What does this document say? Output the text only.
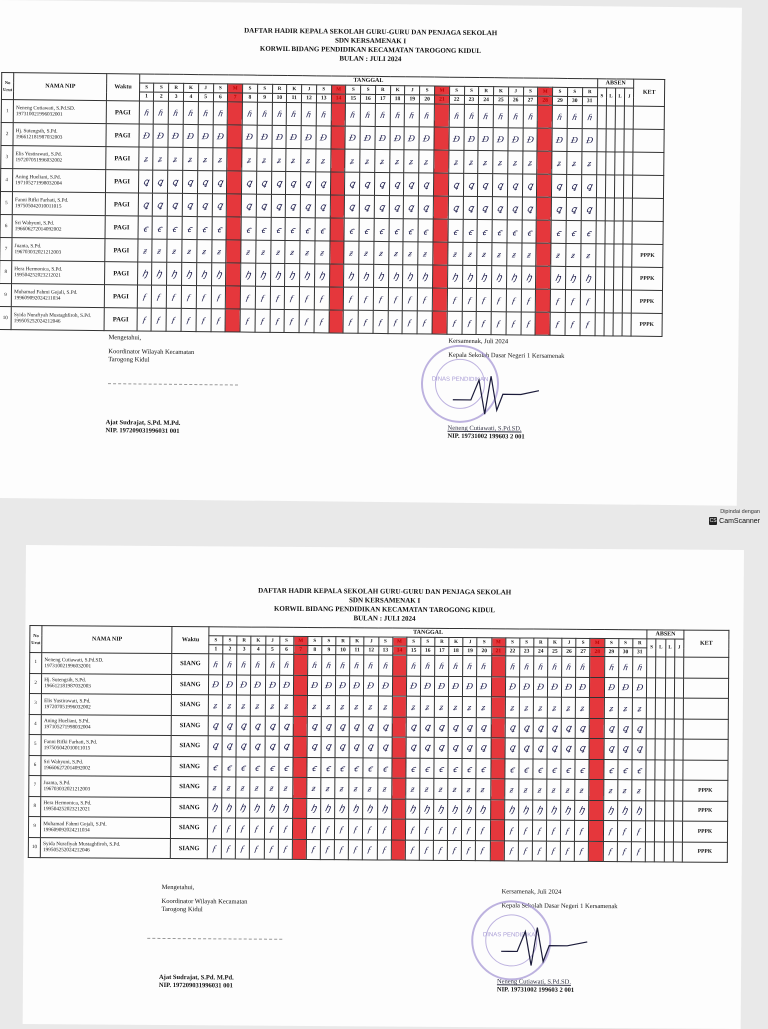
DAFTAR HADIR KEPALA SEKOLAH GURU-GURU DAN PENJAGA SEKOLAH
SDN KERSAMENAK I
KORWIL BIDANG PENDIDIKAN KECAMATAN TAROGONG KIDUL
BULAN : JULI 2024
No Urut	NAMA NIP	Waktu	TANGGAL																															ABSEN				KET
			S	S	R	K	J	S	M	S	S	R	K	J	S	M	S	S	R	K	J	S	M	S	S	R	K	J	S	M	S	S	R	S	L	L	J	
			1	2	3	4	5	6	7	8	9	10	11	12	13	14	15	16	17	18	19	20	21	22	23	24	25	26	27	28	29	30	31					
1	Neneng Cutiawati, S.Pd.SD.
197310021996032001	PAGI	ɦ	ɦ	ɦ	ɦ	ɦ	ɦ		ɦ	ɦ	ɦ	ɦ	ɦ	ɦ		ɦ	ɦ	ɦ	ɦ	ɦ	ɦ		ɦ	ɦ	ɦ	ɦ	ɦ	ɦ		ɦ	ɦ	ɦ					

2	Hj. Sutengsih, S.Pd.
196612181987032003	PAGI	Ð	Ð	Ð	Ð	Ð	Ð		Ð	Ð	Ð	Ð	Ð	Ð		Ð	Ð	Ð	Ð	Ð	Ð		Ð	Ð	Ð	Ð	Ð	Ð		Ð	Ð	Ð					

3	Elis Yustirawati, S.Pd.
197207051996032002	PAGI	ʑ	ʑ	ʑ	ʑ	ʑ	ʑ		ʑ	ʑ	ʑ	ʑ	ʑ	ʑ		ʑ	ʑ	ʑ	ʑ	ʑ	ʑ		ʑ	ʑ	ʑ	ʑ	ʑ	ʑ		ʑ	ʑ	ʑ					

4	Aning Hueliani, S.Pd.
197105271998032004	PAGI	ꝗ	ꝗ	ꝗ	ꝗ	ꝗ	ꝗ		ꝗ	ꝗ	ꝗ	ꝗ	ꝗ	ꝗ		ꝗ	ꝗ	ꝗ	ꝗ	ꝗ	ꝗ		ꝗ	ꝗ	ꝗ	ꝗ	ꝗ	ꝗ		ꝗ	ꝗ	ꝗ					

5	Fanni Rifki Farhati, S.Pd.
197505042010011015	PAGI	ꝗ	ꝗ	ꝗ	ꝗ	ꝗ	ꝗ		ꝗ	ꝗ	ꝗ	ꝗ	ꝗ	ꝗ		ꝗ	ꝗ	ꝗ	ꝗ	ꝗ	ꝗ		ꝗ	ꝗ	ꝗ	ꝗ	ꝗ	ꝗ		ꝗ	ꝗ	ꝗ					

6	Sri Wahyuni, S.Pd.
196606272014092002	PAGI	ꞓ	ꞓ	ꞓ	ꞓ	ꞓ	ꞓ		ꞓ	ꞓ	ꞓ	ꞓ	ꞓ	ꞓ		ꞓ	ꞓ	ꞓ	ꞓ	ꞓ	ꞓ		ꞓ	ꞓ	ꞓ	ꞓ	ꞓ	ꞓ		ꞓ	ꞓ	ꞓ					

7	Juanta, S.Pd.
196703032021212003	PAGI	ƶ	ƶ	ƶ	ƶ	ƶ	ƶ		ƶ	ƶ	ƶ	ƶ	ƶ	ƶ		ƶ	ƶ	ƶ	ƶ	ƶ	ƶ		ƶ	ƶ	ƶ	ƶ	ƶ	ƶ		ƶ	ƶ	ƶ					PPPK
8	Hera Hermonica, S.Pd.
199504252023212021	PAGI	ꜧ	ꜧ	ꜧ	ꜧ	ꜧ	ꜧ		ꜧ	ꜧ	ꜧ	ꜧ	ꜧ	ꜧ		ꜧ	ꜧ	ꜧ	ꜧ	ꜧ	ꜧ		ꜧ	ꜧ	ꜧ	ꜧ	ꜧ	ꜧ		ꜧ	ꜧ	ꜧ					PPPK
9	Muhamad Fahmi Gojali, S.Pd.
199609092024211034	PAGI	ƒ	ƒ	ƒ	ƒ	ƒ	ƒ		ƒ	ƒ	ƒ	ƒ	ƒ	ƒ		ƒ	ƒ	ƒ	ƒ	ƒ	ƒ		ƒ	ƒ	ƒ	ƒ	ƒ	ƒ		ƒ	ƒ	ƒ					PPPK
10	Syida Nurafiyah Mustaghfiroh, S.Pd.
199505252024212046	PAGI	ƒ	ƒ	ƒ	ƒ	ƒ	ƒ		ƒ	ƒ	ƒ	ƒ	ƒ	ƒ		ƒ	ƒ	ƒ	ƒ	ƒ	ƒ		ƒ	ƒ	ƒ	ƒ	ƒ	ƒ		ƒ	ƒ	ƒ					PPPK
Mengetahui,
Koordinator Wilayah Kecamatan
Tarogong Kidul
Ajat Sudrajat, S.Pd. M.Pd.
NIP. 197209031996031 001
Kersamenak, Juli 2024
Kepala Sekolah Dasar Negeri 1 Kersamenak
DINAS PENDIDIKAN
Neneng Cutiawati, S.Pd.SD.
NIP. 19731002 199603 2 001
Dipindai dengan
CS CamScanner
DAFTAR HADIR KEPALA SEKOLAH GURU-GURU DAN PENJAGA SEKOLAH
SDN KERSAMENAK I
KORWIL BIDANG PENDIDIKAN KECAMATAN TAROGONG KIDUL
BULAN : JULI 2024
No Urut	NAMA NIP	Waktu	TANGGAL																															ABSEN				KET
			S	S	R	K	J	S	M	S	S	R	K	J	S	M	S	S	R	K	J	S	M	S	S	R	K	J	S	M	S	S	R	S	L	L	J	
			1	2	3	4	5	6	7	8	9	10	11	12	13	14	15	16	17	18	19	20	21	22	23	24	25	26	27	28	29	30	31					
1	Neneng Cutiawati, S.Pd.SD.
197310021996032001	SIANG	ɦ	ɦ	ɦ	ɦ	ɦ	ɦ		ɦ	ɦ	ɦ	ɦ	ɦ	ɦ		ɦ	ɦ	ɦ	ɦ	ɦ	ɦ		ɦ	ɦ	ɦ	ɦ	ɦ	ɦ		ɦ	ɦ	ɦ					

2	Hj. Sutengsih, S.Pd.
196612181987032003	SIANG	Ð	Ð	Ð	Ð	Ð	Ð		Ð	Ð	Ð	Ð	Ð	Ð		Ð	Ð	Ð	Ð	Ð	Ð		Ð	Ð	Ð	Ð	Ð	Ð		Ð	Ð	Ð					

3	Elis Yustirawati, S.Pd.
197207051996032002	SIANG	ʑ	ʑ	ʑ	ʑ	ʑ	ʑ		ʑ	ʑ	ʑ	ʑ	ʑ	ʑ		ʑ	ʑ	ʑ	ʑ	ʑ	ʑ		ʑ	ʑ	ʑ	ʑ	ʑ	ʑ		ʑ	ʑ	ʑ					

4	Aning Hueliani, S.Pd.
197105271998032004	SIANG	ꝗ	ꝗ	ꝗ	ꝗ	ꝗ	ꝗ		ꝗ	ꝗ	ꝗ	ꝗ	ꝗ	ꝗ		ꝗ	ꝗ	ꝗ	ꝗ	ꝗ	ꝗ		ꝗ	ꝗ	ꝗ	ꝗ	ꝗ	ꝗ		ꝗ	ꝗ	ꝗ					

5	Fanni Rifki Farhati, S.Pd.
197505042010011015	SIANG	ꝗ	ꝗ	ꝗ	ꝗ	ꝗ	ꝗ		ꝗ	ꝗ	ꝗ	ꝗ	ꝗ	ꝗ		ꝗ	ꝗ	ꝗ	ꝗ	ꝗ	ꝗ		ꝗ	ꝗ	ꝗ	ꝗ	ꝗ	ꝗ		ꝗ	ꝗ	ꝗ					

6	Sri Wahyuni, S.Pd.
196606272014092002	SIANG	ꞓ	ꞓ	ꞓ	ꞓ	ꞓ	ꞓ		ꞓ	ꞓ	ꞓ	ꞓ	ꞓ	ꞓ		ꞓ	ꞓ	ꞓ	ꞓ	ꞓ	ꞓ		ꞓ	ꞓ	ꞓ	ꞓ	ꞓ	ꞓ		ꞓ	ꞓ	ꞓ					

7	Juanta, S.Pd.
196703032021212003	SIANG	ƶ	ƶ	ƶ	ƶ	ƶ	ƶ		ƶ	ƶ	ƶ	ƶ	ƶ	ƶ		ƶ	ƶ	ƶ	ƶ	ƶ	ƶ		ƶ	ƶ	ƶ	ƶ	ƶ	ƶ		ƶ	ƶ	ƶ					PPPK
8	Hera Hermonica, S.Pd.
199504252023212021	SIANG	ꜧ	ꜧ	ꜧ	ꜧ	ꜧ	ꜧ		ꜧ	ꜧ	ꜧ	ꜧ	ꜧ	ꜧ		ꜧ	ꜧ	ꜧ	ꜧ	ꜧ	ꜧ		ꜧ	ꜧ	ꜧ	ꜧ	ꜧ	ꜧ		ꜧ	ꜧ	ꜧ					PPPK
9	Muhamad Fahmi Gojali, S.Pd.
199609092024211034	SIANG	ƒ	ƒ	ƒ	ƒ	ƒ	ƒ		ƒ	ƒ	ƒ	ƒ	ƒ	ƒ		ƒ	ƒ	ƒ	ƒ	ƒ	ƒ		ƒ	ƒ	ƒ	ƒ	ƒ	ƒ		ƒ	ƒ	ƒ					PPPK
10	Syida Nurafiyah Mustaghfiroh, S.Pd.
199505252024212046	SIANG	ƒ	ƒ	ƒ	ƒ	ƒ	ƒ		ƒ	ƒ	ƒ	ƒ	ƒ	ƒ		ƒ	ƒ	ƒ	ƒ	ƒ	ƒ		ƒ	ƒ	ƒ	ƒ	ƒ	ƒ		ƒ	ƒ	ƒ					PPPK
Mengetahui,
Koordinator Wilayah Kecamatan
Tarogong Kidul
Ajat Sudrajat, S.Pd. M.Pd.
NIP. 197209031996031 001
Kersamenak, Juli 2024
Kepala Sekolah Dasar Negeri 1 Kersamenak
DINAS PENDIDIKAN
Neneng Cutiawati, S.Pd.SD.
NIP. 19731002 199603 2 001
